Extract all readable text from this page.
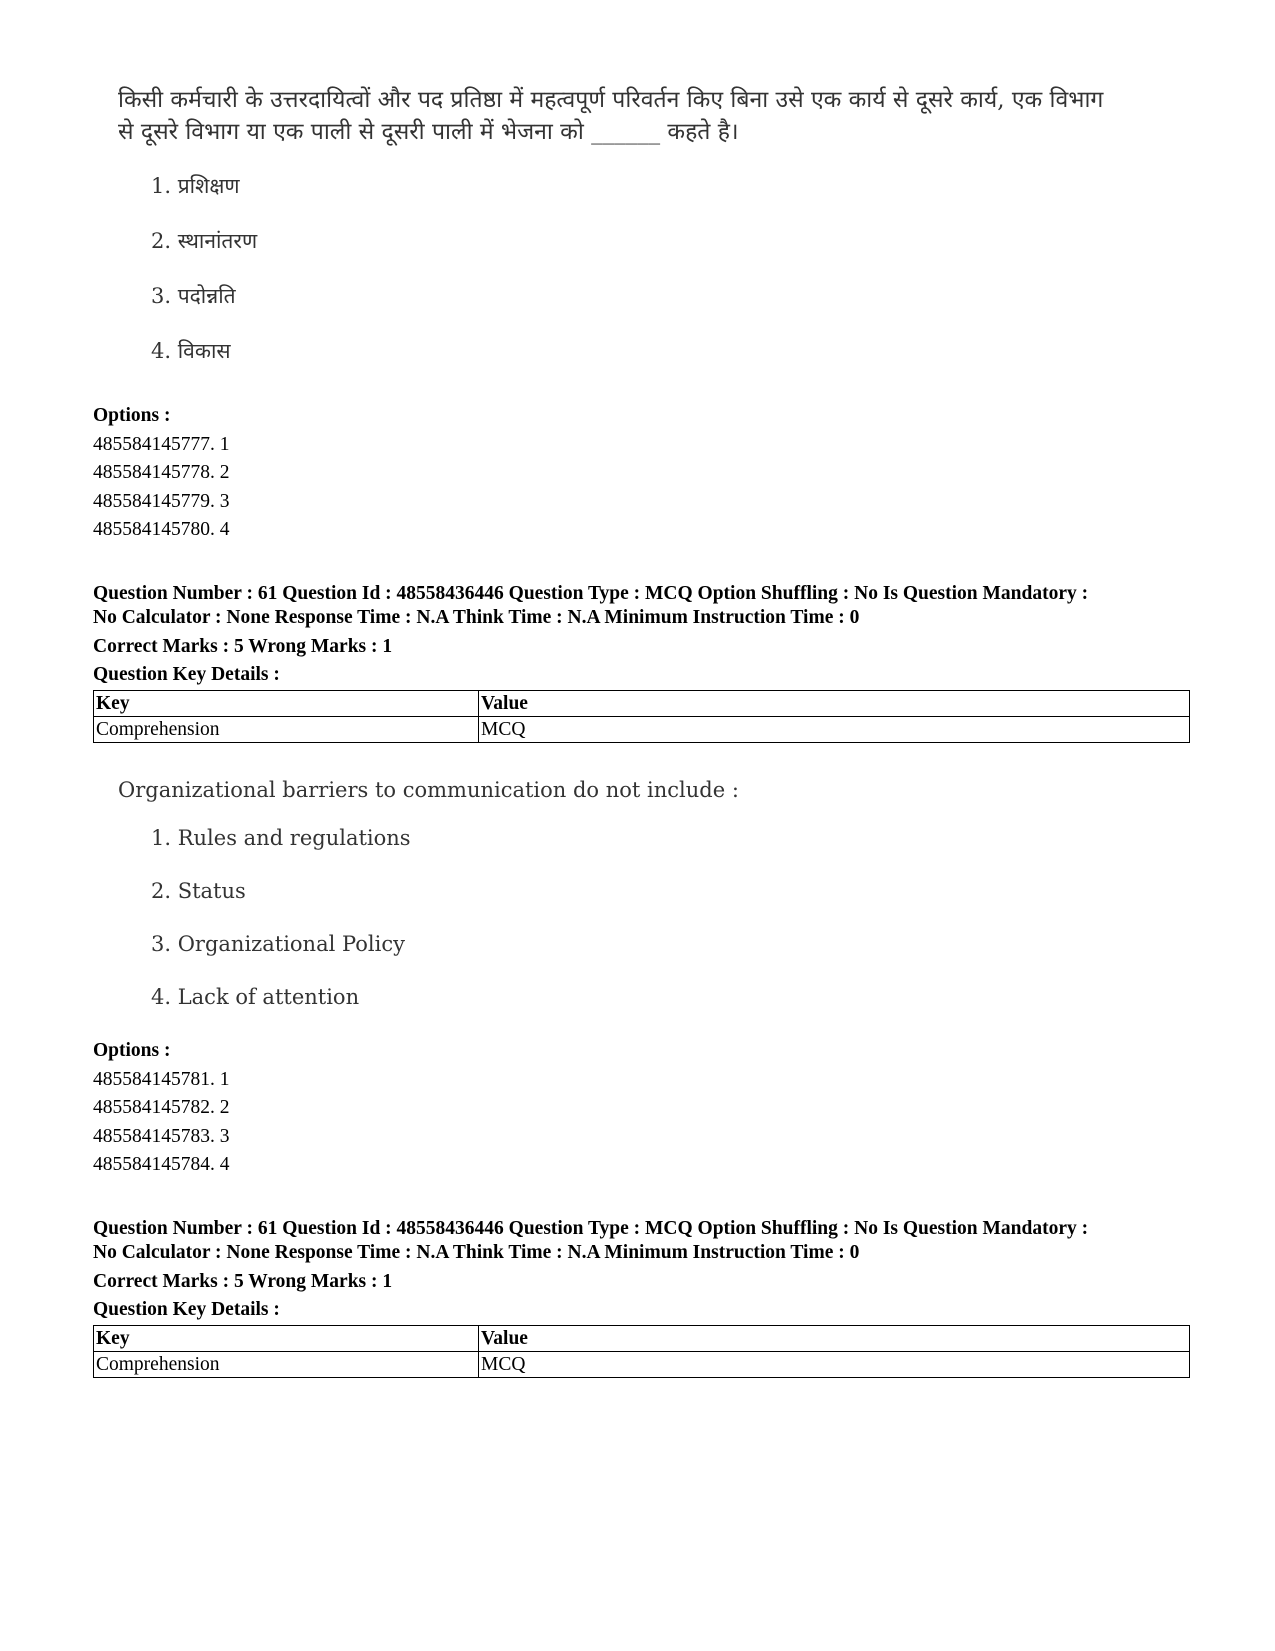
किसी कर्मचारी के उत्तरदायित्वों और पद प्रतिष्ठा में महत्वपूर्ण परिवर्तन किए बिना उसे एक कार्य से दूसरे कार्य, एक विभाग से दूसरे विभाग या एक पाली से दूसरी पाली में भेजना को ______ कहते है।
1. प्रशिक्षण
2. स्थानांतरण
3. पदोन्नति
4. विकास
Options :
485584145777. 1
485584145778. 2
485584145779. 3
485584145780. 4
Question Number : 61 Question Id : 48558436446 Question Type : MCQ Option Shuffling : No Is Question Mandatory :
No Calculator : None Response Time : N.A Think Time : N.A Minimum Instruction Time : 0
Correct Marks : 5 Wrong Marks : 1
Question Key Details :
Key	Value
Comprehension	MCQ
Organizational barriers to communication do not include :
1. Rules and regulations
2. Status
3. Organizational Policy
4. Lack of attention
Options :
485584145781. 1
485584145782. 2
485584145783. 3
485584145784. 4
Question Number : 61 Question Id : 48558436446 Question Type : MCQ Option Shuffling : No Is Question Mandatory :
No Calculator : None Response Time : N.A Think Time : N.A Minimum Instruction Time : 0
Correct Marks : 5 Wrong Marks : 1
Question Key Details :
Key	Value
Comprehension	MCQ
